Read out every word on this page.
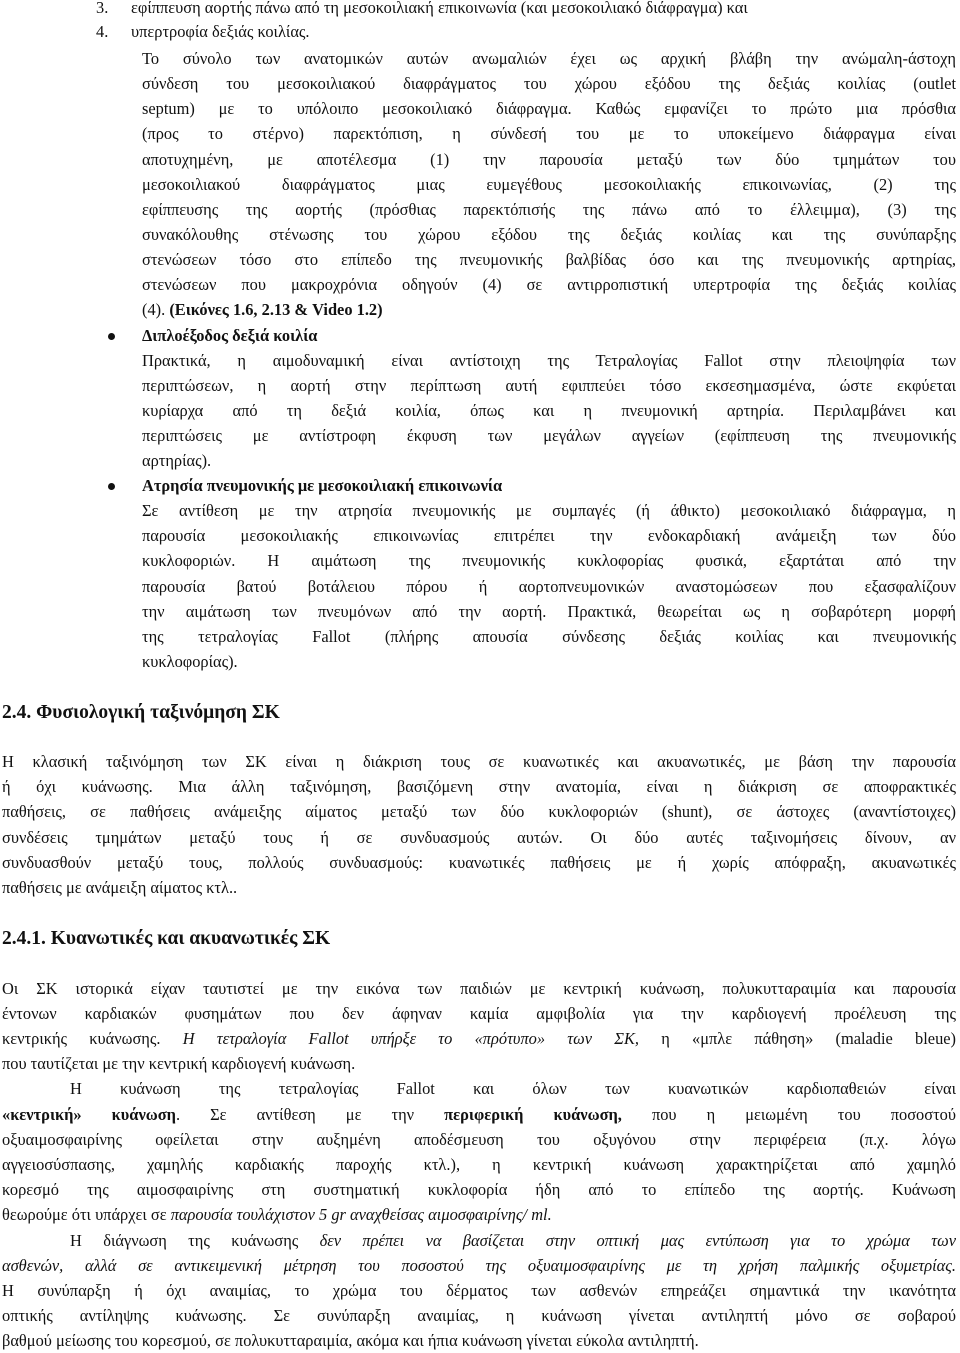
3. εφίππευση αορτής πάνω από τη μεσοκοιλιακή επικοινωνία (και μεσοκοιλιακό διάφραγμα) και
4. υπερτροφία δεξιάς κοιλίας.
Το σύνολο των ανατομικών αυτών ανωμαλιών έχει ως αρχική βλάβη την ανώμαλη-άστοχη
σύνδεση του μεσοκοιλιακού διαφράγματος του χώρου εξόδου της δεξιάς κοιλίας (outlet
septum) με το υπόλοιπο μεσοκοιλιακό διάφραγμα. Καθώς εμφανίζει το πρώτο μια πρόσθια
(προς το στέρνο) παρεκτόπιση, η σύνδεσή του με το υποκείμενο διάφραγμα είναι
αποτυχημένη, με αποτέλεσμα (1) την παρουσία μεταξύ των δύο τμημάτων του
μεσοκοιλιακού διαφράγματος μιας ευμεγέθους μεσοκοιλιακής επικοινωνίας, (2) της
εφίππευσης της αορτής (πρόσθιας παρεκτόπισής της πάνω από το έλλειμμα), (3) της
συνακόλουθης στένωσης του χώρου εξόδου της δεξιάς κοιλίας και της συνύπαρξης
στενώσεων τόσο στο επίπεδο της πνευμονικής βαλβίδας όσο και της πνευμονικής αρτηρίας,
στενώσεων που μακροχρόνια οδηγούν (4) σε αντιρροπιστική υπερτροφία της δεξιάς κοιλίας
(4). (Εικόνες 1.6, 2.13 & Video 1.2)
Διπλοέξοδος δεξιά κοιλία
Πρακτικά, η αιμοδυναμική είναι αντίστοιχη της Τετραλογίας Fallot στην πλειοψηφία των
περιπτώσεων, η αορτή στην περίπτωση αυτή εφιππεύει τόσο εκσεσημασμένα, ώστε εκφύεται
κυρίαρχα από τη δεξιά κοιλία, όπως και η πνευμονική αρτηρία. Περιλαμβάνει και
περιπτώσεις με αντίστροφη έκφυση των μεγάλων αγγείων (εφίππευση της πνευμονικής
αρτηρίας).
Ατρησία πνευμονικής με μεσοκοιλιακή επικοινωνία
Σε αντίθεση με την ατρησία πνευμονικής με συμπαγές (ή άθικτο) μεσοκοιλιακό διάφραγμα, η
παρουσία μεσοκοιλιακής επικοινωνίας επιτρέπει την ενδοκαρδιακή ανάμειξη των δύο
κυκλοφοριών. Η αιμάτωση της πνευμονικής κυκλοφορίας φυσικά, εξαρτάται από την
παρουσία βατού βοτάλειου πόρου ή αορτοπνευμονικών αναστομώσεων που εξασφαλίζουν
την αιμάτωση των πνευμόνων από την αορτή. Πρακτικά, θεωρείται ως η σοβαρότερη μορφή
της τετραλογίας Fallot (πλήρης απουσία σύνδεσης δεξιάς κοιλίας και πνευμονικής
κυκλοφορίας).
2.4. Φυσιολογική ταξινόμηση ΣΚ
Η κλασική ταξινόμηση των ΣΚ είναι η διάκριση τους σε κυανωτικές και ακυανωτικές, με βάση την παρουσία
ή όχι κυάνωσης. Μια άλλη ταξινόμηση, βασιζόμενη στην ανατομία, είναι η διάκριση σε αποφρακτικές
παθήσεις, σε παθήσεις ανάμειξης αίματος μεταξύ των δύο κυκλοφοριών (shunt), σε άστοχες (αναντίστοιχες)
συνδέσεις τμημάτων μεταξύ τους ή σε συνδυασμούς αυτών. Οι δύο αυτές ταξινομήσεις δίνουν, αν
συνδυασθούν μεταξύ τους, πολλούς συνδυασμούς: κυανωτικές παθήσεις με ή χωρίς απόφραξη, ακυανωτικές
παθήσεις με ανάμειξη αίματος κτλ..
2.4.1. Κυανωτικές και ακυανωτικές ΣΚ
Οι ΣΚ ιστορικά είχαν ταυτιστεί με την εικόνα των παιδιών με κεντρική κυάνωση, πολυκυτταραιμία και παρουσία
έντονων καρδιακών φυσημάτων που δεν άφηναν καμία αμφιβολία για την καρδιογενή προέλευση της
κεντρικής κυάνωσης. Η τετραλογία Fallot υπήρξε το «πρότυπο» των ΣΚ, η «μπλε πάθηση» (maladie bleue)
που ταυτίζεται με την κεντρική καρδιογενή κυάνωση.
Η κυάνωση της τετραλογίας Fallot και όλων των κυανωτικών καρδιοπαθειών είναι
«κεντρική» κυάνωση. Σε αντίθεση με την περιφερική κυάνωση, που η μειωμένη του ποσοστού
οξυαιμοσφαιρίνης οφείλεται στην αυξημένη αποδέσμευση του οξυγόνου στην περιφέρεια (π.χ. λόγω
αγγειοσύσπασης, χαμηλής καρδιακής παροχής κτλ.), η κεντρική κυάνωση χαρακτηρίζεται από χαμηλό
κορεσμό της αιμοσφαιρίνης στη συστηματική κυκλοφορία ήδη από το επίπεδο της αορτής. Κυάνωση
θεωρούμε ότι υπάρχει σε παρουσία τουλάχιστον 5 gr αναχθείσας αιμοσφαιρίνης/ ml.
Η διάγνωση της κυάνωσης δεν πρέπει να βασίζεται στην οπτική μας εντύπωση για το χρώμα των
ασθενών, αλλά σε αντικειμενική μέτρηση του ποσοστού της οξυαιμοσφαιρίνης με τη χρήση παλμικής οξυμετρίας.
Η συνύπαρξη ή όχι αναιμίας, το χρώμα του δέρματος των ασθενών επηρεάζει σημαντικά την ικανότητα
οπτικής αντίληψης κυάνωσης. Σε συνύπαρξη αναιμίας, η κυάνωση γίνεται αντιληπτή μόνο σε σοβαρού
βαθμού μείωσης του κορεσμού, σε πολυκυτταραιμία, ακόμα και ήπια κυάνωση γίνεται εύκολα αντιληπτή.
